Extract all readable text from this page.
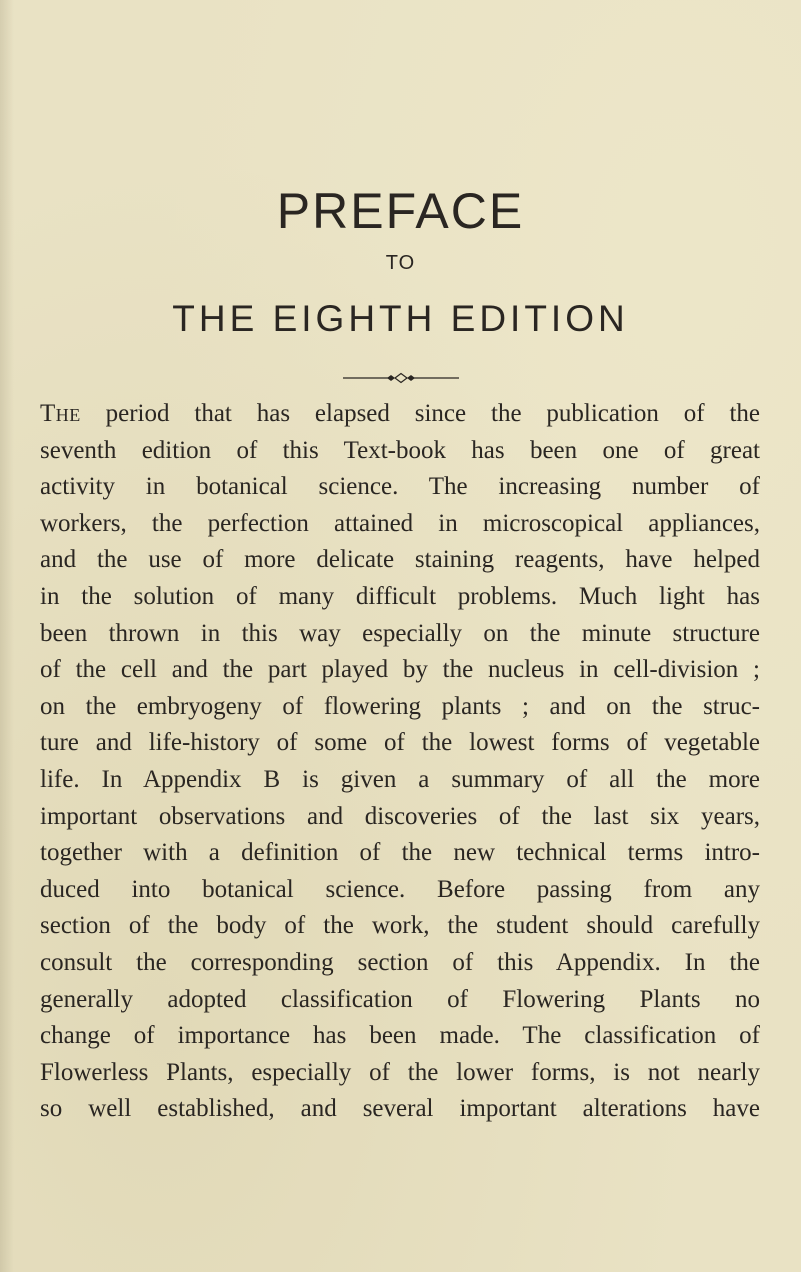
PREFACE
TO
THE EIGHTH EDITION
The period that has elapsed since the publication of the
seventh edition of this Text-book has been one of great
activity in botanical science. The increasing number of
workers, the perfection attained in microscopical appliances,
and the use of more delicate staining reagents, have helped
in the solution of many difficult problems. Much light has
been thrown in this way especially on the minute structure
of the cell and the part played by the nucleus in cell-division ;
on the embryogeny of flowering plants ; and on the struc-
ture and life-history of some of the lowest forms of vegetable
life. In Appendix B is given a summary of all the more
important observations and discoveries of the last six years,
together with a definition of the new technical terms intro-
duced into botanical science. Before passing from any
section of the body of the work, the student should carefully
consult the corresponding section of this Appendix. In the
generally adopted classification of Flowering Plants no
change of importance has been made. The classification of
Flowerless Plants, especially of the lower forms, is not nearly
so well established, and several important alterations have
